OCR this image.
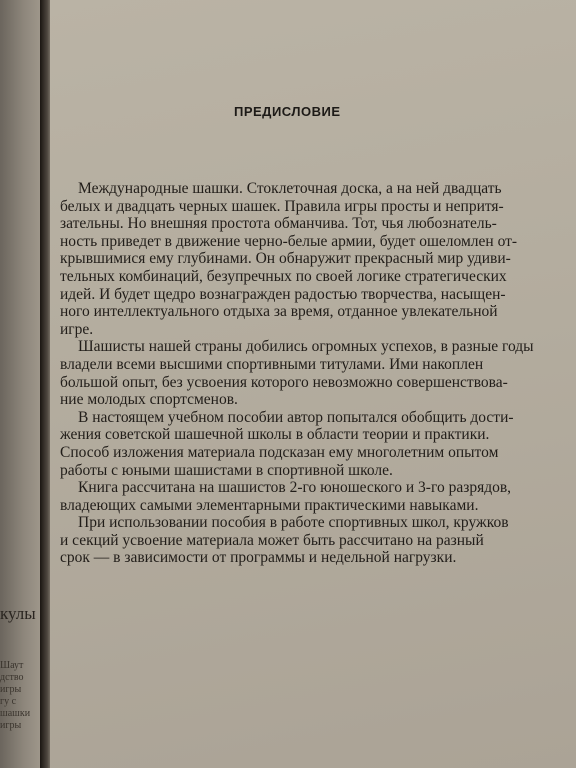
кулы
Шаут
дство
игры
гу с
шашки
игры
ПРЕДИСЛОВИЕ
Международные шашки. Стоклеточная доска, а на ней двадцать
белых и двадцать черных шашек. Правила игры просты и непритя-
зательны. Но внешняя простота обманчива. Тот, чья любознатель-
ность приведет в движение черно-белые армии, будет ошеломлен от-
крывшимися ему глубинами. Он обнаружит прекрасный мир удиви-
тельных комбинаций, безупречных по своей логике стратегических
идей. И будет щедро вознагражден радостью творчества, насыщен-
ного интеллектуального отдыха за время, отданное увлекательной
игре.
Шашисты нашей страны добились огромных успехов, в разные годы
владели всеми высшими спортивными титулами. Ими накоплен
большой опыт, без усвоения которого невозможно совершенствова-
ние молодых спортсменов.
В настоящем учебном пособии автор попытался обобщить дости-
жения советской шашечной школы в области теории и практики.
Способ изложения материала подсказан ему многолетним опытом
работы с юными шашистами в спортивной школе.
Книга рассчитана на шашистов 2-го юношеского и 3-го разрядов,
владеющих самыми элементарными практическими навыками.
При использовании пособия в работе спортивных школ, кружков
и секций усвоение материала может быть рассчитано на разный
срок — в зависимости от программы и недельной нагрузки.
